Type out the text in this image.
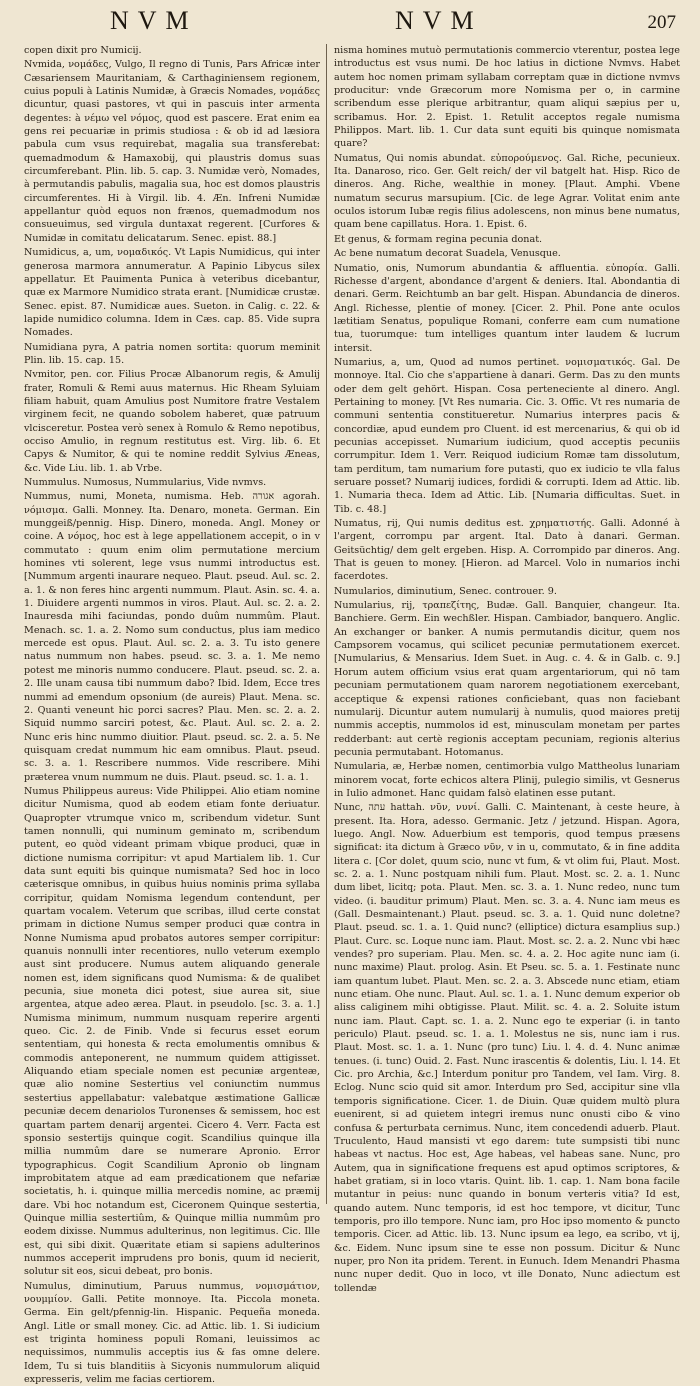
NVM	NVM	207

copen dixit pro Numicij.

Nvmida, νομάδες, Vulgo, Il regno di Tunis, Pars Africæ inter Cæsariensem Mauritaniam, & Carthaginiensem regionem, cuius populi à Latinis Numidæ, à Græcis Nomades, νομάδες dicuntur, quasi pastores, vt qui in pascuis inter armenta degentes: à νέμω vel νόμος, quod est pascere. Erat enim ea gens rei pecuariæ in primis studiosa : & ob id ad læsiora pabula cum vsus requirebat, magalia sua transferebat: quemadmodum & Hamaxobij, qui plaustris domus suas circumferebant. Plin. lib. 5. cap. 3. Numidæ verò, Nomades, à permutandis pabulis, magalia sua, hoc est domos plaustris circumferentes. Hi à Virgil. lib. 4. Æn. Infreni Numidæ appellantur quòd equos non frænos, quemadmodum nos consueuimus, sed virgula duntaxat regerent. [Curfores & Numidæ in comitatu delicatarum. Senec. epist. 88.]

Numidicus, a, um, νομαδικός. Vt Lapis Numidicus, qui inter generosa marmora annumeratur. A Papinio Libycus silex appellatur. Et Pauimenta Punica à veteribus dicebantur, quæ ex Marmore Numidico strata erant. [Numidicæ crustæ. Senec. epist. 87. Numidicæ aues. Sueton. in Calig. c. 22. & lapide numidico columna. Idem in Cæs. cap. 85. Vide supra Nomades.

Numidiana pyra, A patria nomen sortita: quorum meminit Plin. lib. 15. cap. 15.

Nvmitor, pen. cor. Filius Procæ Albanorum regis, & Amulij frater, Romuli & Remi auus maternus. Hic Rheam Syluiam filiam habuit, quam Amulius post Numitore fratre Vestalem virginem fecit, ne quando sobolem haberet, quæ patruum vlcisceretur. Postea verò senex à Romulo & Remo nepotibus, occiso Amulio, in regnum restitutus est. Virg. lib. 6. Et Capys & Numitor, & qui te nomine reddit Sylvius Æneas, &c. Vide Liu. lib. 1. ab Vrbe.

Nummulus. Numosus, Nummularius, Vide nvmvs.

Nummus, numi, Moneta, numisma. Heb. אגורה agorah. νόμισμα. Galli. Monney. Ita. Denaro, moneta. German. Ein munggeiß/pennig. Hisp. Dinero, moneda. Angl. Money or coine. A νόμος, hoc est à lege appellationem accepit, o in v commutato : quum enim olim permutatione mercium homines vti solerent, lege vsus nummi introductus est. [Nummum argenti inaurare nequeo. Plaut. pseud. Aul. sc. 2. a. 1. & non feres hinc argenti nummum. Plaut. Asin. sc. 4. a. 1. Diuidere argenti nummos in viros. Plaut. Aul. sc. 2. a. 2. Inauresda mihi faciundas, pondo duûm nummûm. Plaut. Menach. sc. 1. a. 2. Nomo sum conductus, plus iam medico mercede est opus. Plaut. Aul. sc. 2. a. 3. Tu isto genere natus nummum non habes. pseud. sc. 3. a. 1. Me nemo potest me minoris nummo conducere. Plaut. pseud. sc. 2. a. 2. Ille unam causa tibi nummum dabo? Ibid. Idem, Ecce tres nummi ad emendum opsonium (de aureis) Plaut. Mena. sc. 2. Quanti veneunt hic porci sacres? Plau. Men. sc. 2. a. 2. Siquid nummo sarciri potest, &c. Plaut. Aul. sc. 2. a. 2. Nunc eris hinc nummo diuitior. Plaut. pseud. sc. 2. a. 5. Ne quisquam credat nummum hic eam omnibus. Plaut. pseud. sc. 3. a. 1. Rescribere nummos. Vide rescribere. Mihi præterea vnum nummum ne duis. Plaut. pseud. sc. 1. a. 1.

Numus Philippeus aureus: Vide Philippei. Alio etiam nomine dicitur Numisma, quod ab eodem etiam fonte deriuatur. Quapropter vtrumque vnico m, scribendum videtur. Sunt tamen nonnulli, qui numinum geminato m, scribendum putent, eo quòd videant primam vbique produci, quæ in dictione numisma corripitur: vt apud Martialem lib. 1. Cur data sunt equiti bis quinque numismata? Sed hoc in loco cæterisque omnibus, in quibus huius nominis prima syllaba corripitur, quidam Nomisma legendum contendunt, per quartam vocalem. Veterum que scribas, illud certe constat primam in dictione Numus semper produci quæ contra in Nonne Numisma apud probatos autores semper corripitur: quanuis nonnulli inter recentiores, nullo veterum exemplo aust sint producere. Numus autem aliquando generale nomen est, idem significans quod Numisma: & de qualibet pecunia, siue moneta dici potest, siue aurea sit, siue argentea, atque adeo ærea. Plaut. in pseudolo. [sc. 3. a. 1.] Numisma minimum, nummum nusquam reperire argenti queo. Cic. 2. de Finib. Vnde si fecurus esset eorum sententiam, qui honesta & recta emolumentis omnibus & commodis anteponerent, ne nummum quidem attigisset. Aliquando etiam speciale nomen est pecuniæ argenteæ, quæ alio nomine Sestertius vel coniunctim nummus sestertius appellabatur: valebatque æstimatione Gallicæ pecuniæ decem denariolos Turonenses & semissem, hoc est quartam partem denarij argentei. Cicero 4. Verr. Facta est sponsio sestertijs quinque cogit. Scandilius quinque illa millia nummûm dare se numerare Apronio. Error typographicus. Cogit Scandilium Apronio ob lingnam improbitatem atque ad eam prædicationem que nefariæ societatis, h. i. quinque millia mercedis nomine, ac præmij dare. Vbi hoc notandum est, Ciceronem Quinque sestertia, Quinque millia sestertiûm, & Quinque millia nummûm pro eodem dixisse. Nummus adulterinus, non legitimus. Cic. Ille est, qui sibi dixit. Quæritate etiam si sapiens adulterinos nummos acceperit imprudens pro bonis, quum id necierit, solutur sit eos, sicui debeat, pro bonis.

Numulus, diminutium, Paruus nummus, νομισμάτιον, νουμμίον. Galli. Petite monnoye. Ita. Piccola moneta. Germa. Ein gelt/pfennig-lin. Hispanic. Pequeña moneda. Angl. Litle or small money. Cic. ad Attic. lib. 1. Si iudicium est triginta hominess populi Romani, leuissimos ac nequissimos, nummulis acceptis ius & fas omne delere. Idem, Tu si tuis blanditiis à Sicyonis nummulorum aliquid expresseris, velim me facias certiorem.

nisma homines mutuò permutationis commercio vterentur, postea lege introductus est vsus numi. De hoc latius in dictione Nvmvs. Habet autem hoc nomen primam syllabam correptam quæ in dictione nvmvs producitur: vnde Græcorum more Nomisma per o, in carmine scribendum esse plerique arbitrantur, quam aliqui sæpius per u, scribamus. Hor. 2. Epist. 1. Retulit acceptos regale numisma Philippos. Mart. lib. 1. Cur data sunt equiti bis quinque nomismata quare?

Numatus, Qui nomis abundat. εὐπορούμενος. Gal. Riche, pecunieux. Ita. Danaroso, rico. Ger. Gelt reich/ der vil batgelt hat. Hisp. Rico de dineros. Ang. Riche, wealthie in money. [Plaut. Amphi. Vbene numatum securus marsupium. [Cic. de lege Agrar. Volitat enim ante oculos istorum Iubæ regis filius adolescens, non minus bene numatus, quam bene capillatus. Hora. 1. Epist. 6.

Et genus, & formam regina pecunia donat.

Ac bene numatum decorat Suadela, Venusque.

Numatio, onis, Numorum abundantia & affluentia. εὐπορία. Galli. Richesse d'argent, abondance d'argent & deniers. Ital. Abondantia di denari. Germ. Reichtumb an bar gelt. Hispan. Abundancia de dineros. Angl. Richesse, plentie of money. [Cicer. 2. Phil. Pone ante oculos lætitiam Senatus, populique Romani, conferre eam cum numatione tua, tuorumque: tum intelliges quantum inter laudem & lucrum intersit.

Numarius, a, um, Quod ad numos pertinet. νομισματικός. Gal. De monnoye. Ital. Cio che s'appartiene à danari. Germ. Das zu den munts oder dem gelt gehört. Hispan. Cosa perteneciente al dinero. Angl. Pertaining to money. [Vt Res numaria. Cic. 3. Offic. Vt res numaria de communi sententia constitueretur. Numarius interpres pacis & concordiæ, apud eundem pro Cluent. id est mercenarius, & qui ob id pecunias accepisset. Numarium iudicium, quod acceptis pecuniis corrumpitur. Idem 1. Verr. Reiquod iudicium Romæ tam dissolutum, tam perditum, tam numarium fore putasti, quo ex iudicio te vlla falus seruare posset? Numarij iudices, fordidi & corrupti. Idem ad Attic. lib. 1. Numaria theca. Idem ad Attic. Lib. [Numaria difficultas. Suet. in Tib. c. 48.]

Numatus, rij, Qui numis deditus est. χρηματιστής. Galli. Adonné à l'argent, corrompu par argent. Ital. Dato à danari. German. Geitsüchtig/ dem gelt ergeben. Hisp. A. Corrompido par dineros. Ang. That is geuen to money. [Hieron. ad Marcel. Volo in numarios inchi facerdotes.

Numularios, diminutium, Senec. controuer. 9.

Numularius, rij, τραπεζίτης, Budæ. Gall. Banquier, changeur. Ita. Banchiere. Germ. Ein wechßler. Hispan. Cambiador, banquero. Anglic. An exchanger or banker. A numis permutandis dicitur, quem nos Campsorem vocamus, qui scilicet pecuniæ permutationem exercet. [Numularius, & Mensarius. Idem Suet. in Aug. c. 4. & in Galb. c. 9.] Horum autem officium vsius erat quam argentariorum, qui nō tam pecuniam permutationem quam narorem negotiationem exercebant, acceptique & expensi rationes conficiebant, quas non faciebant numularij. Dicuntur autem numularij à numulis, quod maiores pretij nummis acceptis, nummolos id est, minusculam monetam per partes redderbant: aut certè regionis acceptam pecuniam, regionis alterius pecunia permutabant. Hotomanus.

Numularia, æ, Herbæ nomen, centimorbia vulgo Mattheolus lunariam minorem vocat, forte echicos altera Plinij, pulegio similis, vt Gesnerus in Iulio admonet. Hanc quidam falsò elatinen esse putant.

Nunc, עתה hattah. νῦν, νυνί. Galli. C. Maintenant, à ceste heure, à present. Ita. Hora, adesso. Germanic. Jetz / jetzund. Hispan. Agora, luego. Angl. Now. Aduerbium est temporis, quod tempus præsens significat: ita dictum à Græco νῦν, v in u, commutato, & in fine addita litera c. [Cor dolet, quum scio, nunc vt fum, & vt olim fui, Plaut. Most. sc. 2. a. 1. Nunc postquam nihili fum. Plaut. Most. sc. 2. a. 1. Nunc dum libet, licitq; pota. Plaut. Men. sc. 3. a. 1. Nunc redeo, nunc tum video. (i. bauditur primum) Plaut. Men. sc. 3. a. 4. Nunc iam meus es (Gall. Desmaintenant.) Plaut. pseud. sc. 3. a. 1. Quid nunc doletne? Plaut. pseud. sc. 1. a. 1. Quid nunc? (elliptice) dictura esamplius sup.) Plaut. Curc. sc. Loque nunc iam. Plaut. Most. sc. 2. a. 2. Nunc vbi hæc vendes? pro superiam. Plau. Men. sc. 4. a. 2. Hoc agite nunc iam (i. nunc maxime) Plaut. prolog. Asin. Et Pseu. sc. 5. a. 1. Festinate nunc iam quantum lubet. Plaut. Men. sc. 2. a. 3. Abscede nunc etiam, etiam nunc etiam. Ohe nunc. Plaut. Aul. sc. 1. a. 1. Nunc demum experior ob aliss caliginem mihi obtigisse. Plaut. Milit. sc. 4. a. 2. Soluite istum nunc iam. Plaut. Capt. sc. 1. a. 2. Nunc ego te experiar (i. in tanto periculo) Plaut. pseud. sc. 1. a. 1. Molestus ne sis, nunc iam i rus. Plaut. Most. sc. 1. a. 1. Nunc (pro tunc) Liu. l. 4. d. 4. Nunc animæ tenues. (i. tunc) Ouid. 2. Fast. Nunc irascentis & dolentis, Liu. l. 14. Et Cic. pro Archia, &c.] Interdum ponitur pro Tandem, vel Iam. Virg. 8. Eclog. Nunc scio quid sit amor. Interdum pro Sed, accipitur sine vlla temporis significatione. Cicer. 1. de Diuin. Quæ quidem multò plura euenirent, si ad quietem integri iremus nunc onusti cibo & vino confusa & perturbata cernimus. Nunc, item concedendi aduerb. Plaut. Truculento, Haud mansisti vt ego darem: tute sumpsisti tibi nunc habeas vt nactus. Hoc est, Age habeas, vel habeas sane. Nunc, pro Autem, qua in significatione frequens est apud optimos scriptores, & habet gratiam, si in loco vtaris. Quint. lib. 1. cap. 1. Nam bona facile mutantur in peius: nunc quando in bonum verteris vitia? Id est, quando autem. Nunc temporis, id est hoc tempore, vt dicitur, Tunc temporis, pro illo tempore. Nunc iam, pro Hoc ipso momento & puncto temporis. Cicer. ad Attic. lib. 13. Nunc ipsum ea lego, ea scribo, vt ij, &c. Eidem. Nunc ipsum sine te esse non possum. Dicitur & Nunc nuper, pro Non ita pridem. Terent. in Eunuch. Idem Menandri Phasma nunc nuper dedit. Quo in loco, vt ille Donato, Nunc adiectum est tollendæ
